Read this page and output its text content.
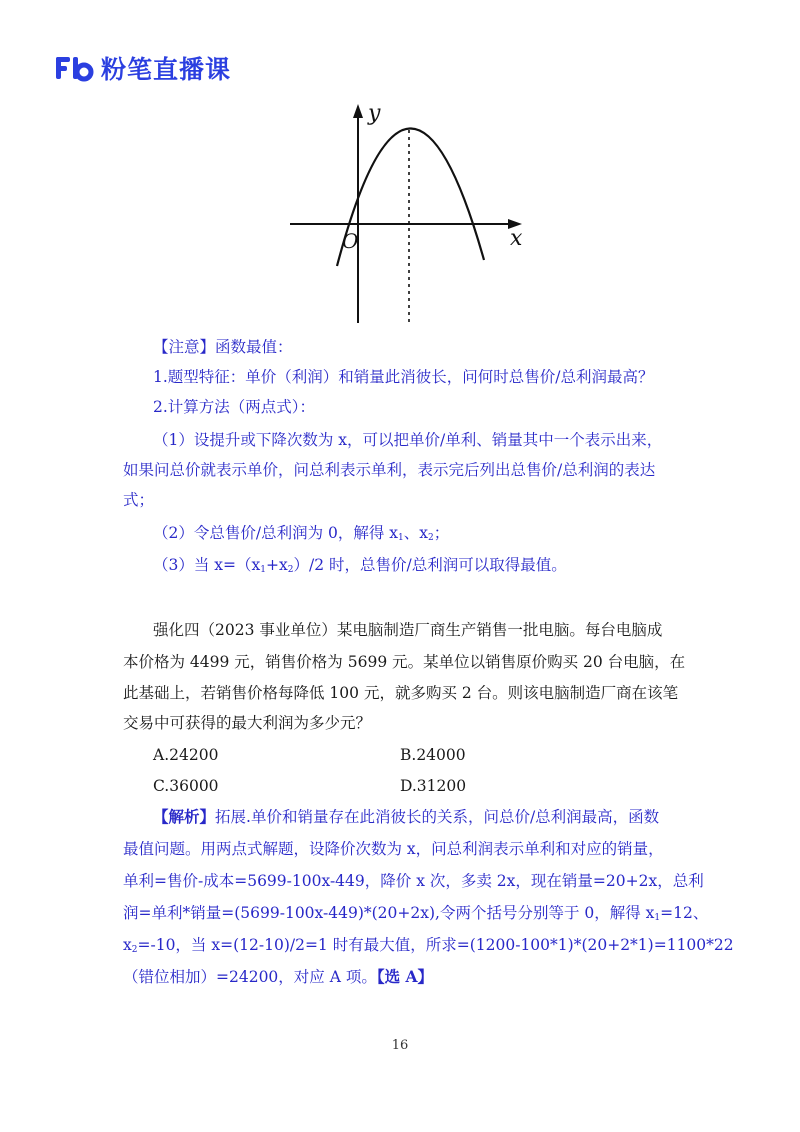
粉笔直播课
y
x
O
【注意】函数最值：
1.题型特征：单价（利润）和销量此消彼长，问何时总售价/总利润最高？
2.计算方法（两点式）：
（1）设提升或下降次数为 x，可以把单价/单利、销量其中一个表示出来，
如果问总价就表示单价，问总利表示单利，表示完后列出总售价/总利润的表达
式；
（2）令总售价/总利润为 0，解得 $x_1$、$x_2$；
（3）当 $x=(x_1+x_2)/2$ 时，总售价/总利润可以取得最值。
强化四（2023 事业单位）某电脑制造厂商生产销售一批电脑。每台电脑成
本价格为 4499 元，销售价格为 5699 元。某单位以销售原价购买 20 台电脑，在
此基础上，若销售价格每降低 100 元，就多购买 2 台。则该电脑制造厂商在该笔
交易中可获得的最大利润为多少元？
A.24200	B.24000
C.36000	D.31200
【解析】拓展.单价和销量存在此消彼长的关系，问总价/总利润最高，函数
最值问题。用两点式解题，设降价次数为 x，问总利润表示单利和对应的销量，
单利=售价-成本=5699-100x-449，降价 x 次，多卖 2x，现在销量=20+2x，总利
润=单利*销量=(5699-100x-449)*(20+2x),令两个括号分别等于 0，解得 $x_1=12$、
$x_2=-10$，当 x=(12-10)/2=1 时有最大值，所求=(1200-100*1)*(20+2*1)=1100*22
（错位相加）=24200，对应 A 项。【选 A】
16
